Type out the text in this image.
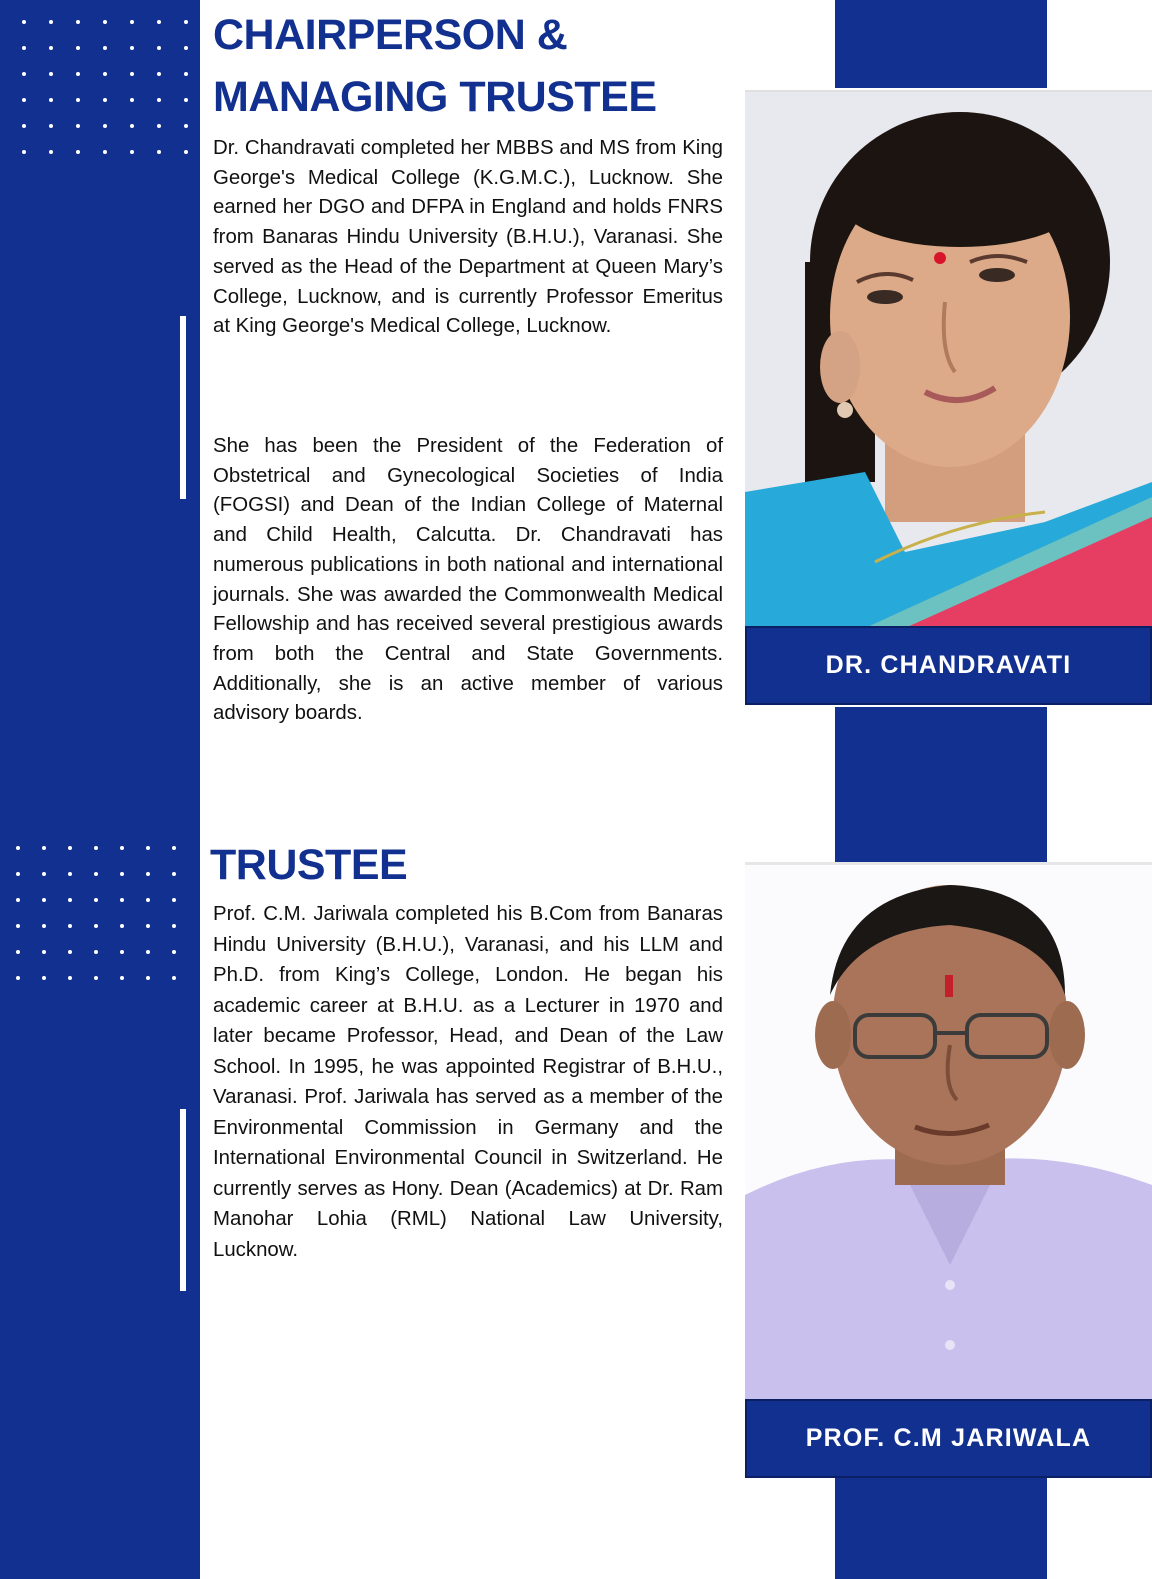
CHAIRPERSON &
MANAGING TRUSTEE

Dr. Chandravati completed her MBBS and MS from King George's Medical College (K.G.M.C.), Lucknow. She earned her DGO and DFPA in England and holds FNRS from Banaras Hindu University (B.H.U.), Varanasi. She served as the Head of the Department at Queen Mary’s College, Lucknow, and is currently Professor Emeritus at King George's Medical College, Lucknow.

She has been the President of the Federation of Obstetrical and Gynecological Societies of India (FOGSI) and Dean of the Indian College of Maternal and Child Health, Calcutta. Dr. Chandravati has numerous publications in both national and international journals. She was awarded the Commonwealth Medical Fellowship and has received several prestigious awards from both the Central and State Governments. Additionally, she is an active member of various advisory boards.

DR. CHANDRAVATI
TRUSTEE

Prof. C.M. Jariwala completed his B.Com from Banaras Hindu University (B.H.U.), Varanasi, and his LLM and Ph.D. from King’s College, London. He began his academic career at B.H.U. as a Lecturer in 1970 and later became Professor, Head, and Dean of the Law School. In 1995, he was appointed Registrar of B.H.U., Varanasi. Prof. Jariwala has served as a member of the Environmental Commission in Germany and the International Environmental Council in Switzerland. He currently serves as Hony. Dean (Academics) at Dr. Ram Manohar Lohia (RML) National Law University, Lucknow.

PROF. C.M JARIWALA
